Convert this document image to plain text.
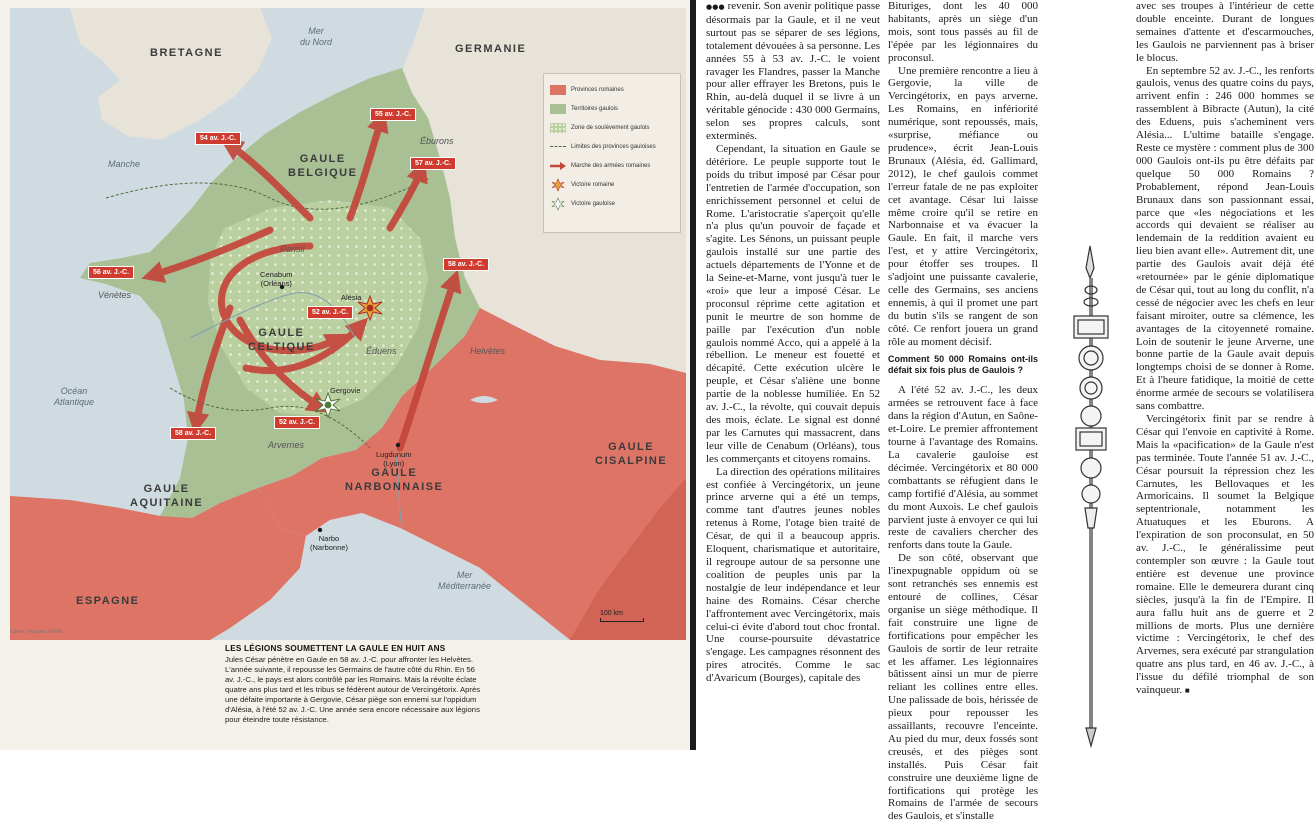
BRETAGNE	GERMANIE
GAULE
BELGIQUE
GAULE
CELTIQUE
GAULE
AQUITAINE
GAULE
NARBONNAISE
GAULE
CISALPINE
ESPAGNE
Mer
du Nord
Manche
Océan
Atlantique
Mer
Méditerranée
Éburons
Parisii
Vénètes
Helvètes
Éduens
Arvernes
Cenabum
(Orléans)
Alésia
Gergovie
Lugdunum
(Lyon)
Narbo
(Narbonne)
54 av. J.-C.
55 av. J.-C.
57 av. J.-C.
56 av. J.-C.
58 av. J.-C.
52 av. J.-C.
52 av. J.-C.
58 av. J.-C.
Provinces romaines
Territoires gaulois
Zone de soulèvement gaulois
Limites des provinces gauloises
Marche des armées romaines
Victoire romaine
Victoire gauloise
100 km
Carte : Hugues Piolet
LES LÉGIONS SOUMETTENT LA GAULE EN HUIT ANS
Jules César pénètre en Gaule en 58 av. J.-C. pour affronter les Helvètes. L'année suivante, il repousse les Germains de l'autre côté du Rhin. En 56 av. J.-C., le pays est alors contrôlé par les Romains. Mais la révolte éclate quatre ans plus tard et les tribus se fédèrent autour de Vercingétorix. Après une défaite importante à Gergovie, César piège son ennemi sur l'oppidum d'Alésia, à l'été 52 av. J.-C. Une année sera encore nécessaire aux légions pour éteindre toute résistance.

●●● revenir. Son avenir politique passe désormais par la Gaule, et il ne veut surtout pas se séparer de ses légions, totalement dévouées à sa personne. Les années 55 à 53 av. J.-C. le voient ravager les Flandres, passer la Manche pour aller effrayer les Bretons, puis le Rhin, au-delà duquel il se livre à un véritable génocide : 430 000 Germains, selon ses propres calculs, sont exterminés.

Cependant, la situation en Gaule se détériore. Le peuple supporte tout le poids du tribut imposé par César pour l'entretien de l'armée d'occupation, son enrichissement personnel et celui de Rome. L'aristocratie s'aperçoit qu'elle n'a plus qu'un pouvoir de façade et s'agite. Les Sénons, un puissant peuple gaulois installé sur une partie des actuels départements de l'Yonne et de la Seine-et-Marne, vont jusqu'à tuer le «roi» que leur a imposé César. Le proconsul réprime cette agitation et punit le meurtre de son homme de paille par l'exécution d'un noble gaulois nommé Acco, qui a appelé à la rébellion. Le meneur est fouetté et décapité. Cette exécution ulcère le peuple, et César s'aliène une bonne partie de la noblesse humiliée. En 52 av. J.-C., la révolte, qui couvait depuis des mois, éclate. Le signal est donné par les Carnutes qui massacrent, dans leur ville de Cenabum (Orléans), tous les commerçants et citoyens romains.

La direction des opérations militaires est confiée à Vercingétorix, un jeune prince arverne qui a été un temps, comme tant d'autres jeunes nobles retenus à Rome, l'otage bien traité de César, de qui il a beaucoup appris. Eloquent, charismatique et autoritaire, il regroupe autour de sa personne une coalition de peuples unis par la nostalgie de leur indépendance et leur haine des Romains. César cherche l'affrontement avec Vercingétorix, mais celui-ci évite d'abord tout choc frontal. Une course-poursuite dévastatrice s'engage. Les campagnes résonnent des pires atrocités. Comme le sac d'Avaricum (Bourges), capitale des

Bituriges, dont les 40 000 habitants, après un siège d'un mois, sont tous passés au fil de l'épée par les légionnaires du proconsul.

Une première rencontre a lieu à Gergovie, la ville de Vercingétorix, en pays arverne. Les Romains, en infériorité numérique, sont repoussés, mais, «surprise, méfiance ou prudence», écrit Jean-Louis Brunaux (Alésia, éd. Gallimard, 2012), le chef gaulois commet l'erreur fatale de ne pas exploiter cet avantage. César lui laisse même croire qu'il se retire en Narbonnaise et va évacuer la Gaule. En fait, il marche vers l'est, et y attire Vercingétorix, pour étoffer ses troupes. Il s'adjoint une puissante cavalerie, celle des Germains, ses anciens ennemis, à qui il promet une part du butin s'ils se rangent de son côté. Ce renfort jouera un grand rôle au moment décisif.

Comment 50 000 Romains ont-ils défait six fois plus de Gaulois ?

A l'été 52 av. J.-C., les deux armées se retrouvent face à face dans la région d'Autun, en Saône-et-Loire. Le premier affrontement tourne à l'avantage des Romains. La cavalerie gauloise est décimée. Vercingétorix et 80 000 combattants se réfugient dans le camp fortifié d'Alésia, au sommet du mont Auxois. Le chef gaulois parvient juste à envoyer ce qui lui reste de cavaliers chercher des renforts dans toute la Gaule.

De son côté, observant que l'inexpugnable oppidum où se sont retranchés ses ennemis est entouré de collines, César organise un siège méthodique. Il fait construire une ligne de fortifications pour empêcher les Gaulois de sortir de leur retraite et les affamer. Les légionnaires bâtissent ainsi un mur de pierre reliant les collines entre elles. Une palissade de bois, hérissée de pieux pour repousser les assaillants, recouvre l'enceinte. Au pied du mur, deux fossés sont creusés, et des pièges sont installés. Puis César fait construire une deuxième ligne de fortifications qui protège les Romains de l'armée de secours des Gaulois, et s'installe

avec ses troupes à l'intérieur de cette double enceinte. Durant de longues semaines d'attente et d'escarmouches, les Gaulois ne parviennent pas à briser le blocus.

En septembre 52 av. J.-C., les renforts gaulois, venus des quatre coins du pays, arrivent enfin : 246 000 hommes se rassemblent à Bibracte (Autun), la cité des Eduens, puis s'acheminent vers Alésia... L'ultime bataille s'engage. Reste ce mystère : comment plus de 300 000 Gaulois ont-ils pu être défaits par quelque 50 000 Romains ? Probablement, répond Jean-Louis Brunaux dans son passionnant essai, parce que «les négociations et les accords qui devaient se réaliser au lendemain de la reddition avaient eu lieu bien avant elle». Autrement dit, une partie des Gaulois avait déjà été «retournée» par le génie diplomatique de César qui, tout au long du conflit, n'a cessé de négocier avec les chefs en leur faisant miroiter, outre sa clémence, les avantages de la citoyenneté romaine. Loin de soutenir le jeune Arverne, une bonne partie de la Gaule avait depuis longtemps choisi de se donner à Rome. Et à l'heure fatidique, la moitié de cette énorme armée de secours se volatilisera sans combattre.

Vercingétorix finit par se rendre à César qui l'envoie en captivité à Rome. Mais la «pacification» de la Gaule n'est pas terminée. Toute l'année 51 av. J.-C., César poursuit la répression chez les Carnutes, les Bellovaques et les Armoricains. Il soumet la Belgique septentrionale, notamment les Atuatuques et les Eburons. A l'expiration de son proconsulat, en 50 av. J.-C., le généralissime peut contempler son œuvre : la Gaule tout entière est devenue une province romaine. Elle le demeurera durant cinq siècles, jusqu'à la fin de l'Empire. Il aura fallu huit ans de guerre et 2 millions de morts. Plus une dernière victime : Vercingétorix, le chef des Arvernes, sera exécuté par strangulation quatre ans plus tard, en 46 av. J.-C., à l'issue du défilé triomphal de son vainqueur. ■
